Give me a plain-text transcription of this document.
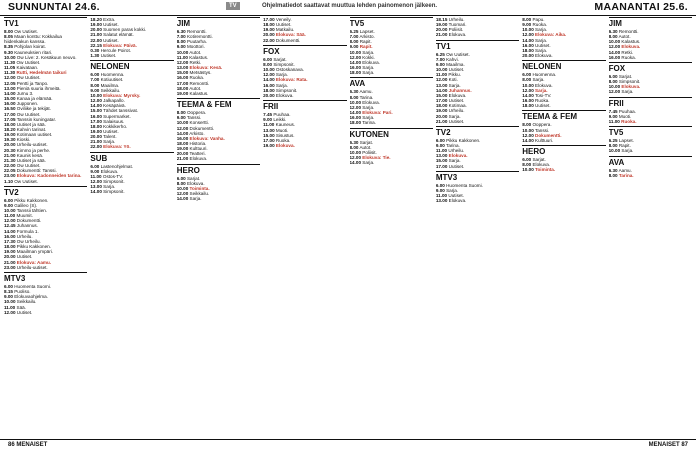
SUNNUNTAI 24.6.	TV	Ohjelmatiedot saattavat muuttua lehden painomenon jälkeen.	MAANANTAI 25.6.
TV1
8.00 Ow Uutiset.
8.05 Maan konttu: Kokkailua hiidenkakun kanssa.
8.35 Pohjolan koirat.
9.30 Kauneuksien ritari.
10.00 Ow Live: 2. Kesäkuun neuvo.
11.30 Ow Uutiset.
11.05 Kaivataan.
11.30 Rutti, Hedelmän taikuri
12.00 Ow Uutiset.
12.05 Pentti ja Tanpo.
13.00 Pieniä suuria ihmeitä.
14.00 Jurnu 3.
15.00 Kanaa ja elämää.
16.00 Jupponen.
16.50 Oviliike ja tekijät.
17.00 Ow Uutiset.
17.05 Tanssin kuningatar.
18.00 Uutiset ja sää.
18.20 Kahvin tarinat.
19.00 Kotimaan uutiset.
19.30 Kioski.
20.00 Urheilu-uutiset.
20.30 Kimmo ja perhe.
21.00 Kaunis kesä.
21.30 Uutiset ja sää.
22.00 Ow Uutiset.
22.05 Dokumentti: Tanssi.
23.00 Elokuva: Kadonneiden tarina.
1.10 Ow Uutiset.
TV2
6.00 Pikku Kakkonen.
9.00 Galileo (S).
10.00 Tanssii tähtien.
11.00 Muumit.
12.00 Dokumentti.
12.45 Juhannus.
14.00 Formula 1.
16.00 Urheilu.
17.30 Ow Urheilu.
18.00 Pikku Kakkonen.
19.00 Maailman ympäri.
20.00 Uutiset.
21.00 Elokuva: Aamu.
23.00 Urheilu-uutiset.
MTV3
6.00 Huomenta Suomi.
8.15 Puoliso.
9.00 Elokuvaohjelma.
10.00 Seikkailu.
11.00 Sää.
12.00 Uutiset.
18.20 Extra.
19.00 Uutiset.
20.00 Suomen paras kokki.
21.00 Salatut elämät.
22.00 Uutiset.
22.15 Elokuva: Päivä.
0.30 Hercule Poirot.
1.30 Uutiset.
NELONEN
6.00 Huomenna.
7.00 Kotiuutiset.
8.00 Maailma.
9.00 Seikkailu.
10.00 Elokuva: Myrsky.
12.00 Jalkapallo.
14.00 Kesäpäivä.
15.00 Tähdet tanssivat.
16.00 Supermarket.
17.00 Salaisuus.
18.00 Kokkikerho.
19.00 Uutiset.
20.00 Talent.
21.00 Sarja.
22.00 Elokuva: Yö.
SUB
6.00 Lastenohjelmat.
9.00 Elokuva.
11.00 Ostos-TV.
12.00 Simpsonit.
13.00 Sarja.
14.00 Simpsonit.
JIM
6.30 Remontti.
7.00 Kotiremontti.
8.00 Puutarha.
9.00 Moottori.
10.00 Autot.
11.00 Kalastus.
12.00 Retki.
13.00 Elokuva: Kesä.
15.00 Metsästys.
16.00 Ruoka.
17.00 Remontti.
18.00 Autot.
19.00 Kalastus.
TEEMA & FEM
8.00 Ooppera.
9.00 Tanssi.
10.00 Konsertti.
12.00 Dokumentti.
14.00 Arkisto.
16.00 Elokuva: Vanha.
18.00 Historia.
19.00 Kulttuuri.
20.00 Teatteri.
21.00 Elokuva.
HERO
6.00 Sarjat.
8.00 Elokuva.
10.00 Toiminta.
12.00 Seikkailu.
14.00 Sarja.
17.00 Veneily.
18.00 Uutiset.
19.00 Matkailu.
20.00 Elokuva: Sää.
22.00 Dokumentti.
FOX
6.00 Sarjat.
8.00 Simpsonit.
10.00 Ostoskanava.
12.00 Sarja.
14.00 Elokuva: Rata.
16.00 Sarja.
18.00 Simpsonit.
20.00 Elokuva.
FRII
7.45 Puuhaa.
9.00 Leikki.
11.00 Kauneus.
13.00 Muoti.
15.00 Sisustus.
17.00 Ruoka.
19.00 Elokuva.
TV5
6.25 Lapset.
7.00 Arkisto.
8.00 Rapit.
9.00 Rapit.
10.00 Sarja.
12.00 Kokki.
14.00 Elokuva.
16.00 Sarja.
18.00 Sarja.
AVA
6.30 Aamu.
8.00 Tarina.
10.00 Elokuva.
12.00 Sarja.
14.00 Elokuva: Pari.
16.00 Sarja.
18.00 Tarina.
KUTONEN
6.30 Sarjat.
8.00 Autot.
10.00 Poliisit.
12.00 Elokuva: Tie.
14.00 Sarja.
18.15 Urheilu.
19.00 Tuomari.
20.00 Poliisit.
21.00 Elokuva.
TV1
6.25 Ow Uutiset.
7.00 Kahvi.
9.00 Maailma.
10.00 Uutiset.
11.00 Pikku.
12.00 Koti.
13.00 Sarja.
14.00 Juhannus.
15.00 Elokuva.
17.00 Uutiset.
18.00 Kotimaa.
19.00 Urheilu.
20.00 Sarja.
21.00 Uutiset.
TV2
6.00 Pikku Kakkonen.
9.00 Tarina.
11.00 Urheilu.
13.00 Elokuva.
15.00 Sarja.
17.00 Uutiset.
MTV3
6.00 Huomenta Suomi.
9.00 Sarja.
11.00 Uutiset.
13.00 Elokuva.
8.00 Papu.
9.00 Ruoka.
10.00 Sarja.
12.00 Elokuva: Aika.
14.00 Sarja.
16.00 Uutiset.
18.00 Sarja.
20.00 Elokuva.
NELONEN
6.00 Huomenna.
8.00 Sarja.
10.00 Elokuva.
12.00 Sarja.
14.00 Tosi-TV.
16.00 Ruoka.
18.00 Uutiset.
TEEMA & FEM
8.00 Ooppera.
10.00 Tanssi.
12.00 Dokumentti.
14.00 Kulttuuri.
HERO
6.00 Sarjat.
8.00 Elokuva.
10.00 Toiminta.
JIM
6.30 Remontti.
8.00 Autot.
10.00 Kalastus.
12.00 Elokuva.
14.00 Retki.
16.00 Ruoka.
FOX
6.00 Sarjat.
8.00 Simpsonit.
10.00 Elokuva.
12.00 Sarja.
FRII
7.45 Puuhaa.
9.00 Muoti.
11.00 Ruoka.
TV5
6.25 Lapset.
8.00 Rapit.
10.00 Sarja.
AVA
6.30 Aamu.
8.00 Tarina.
86 MENAISET	MENAISET 87
